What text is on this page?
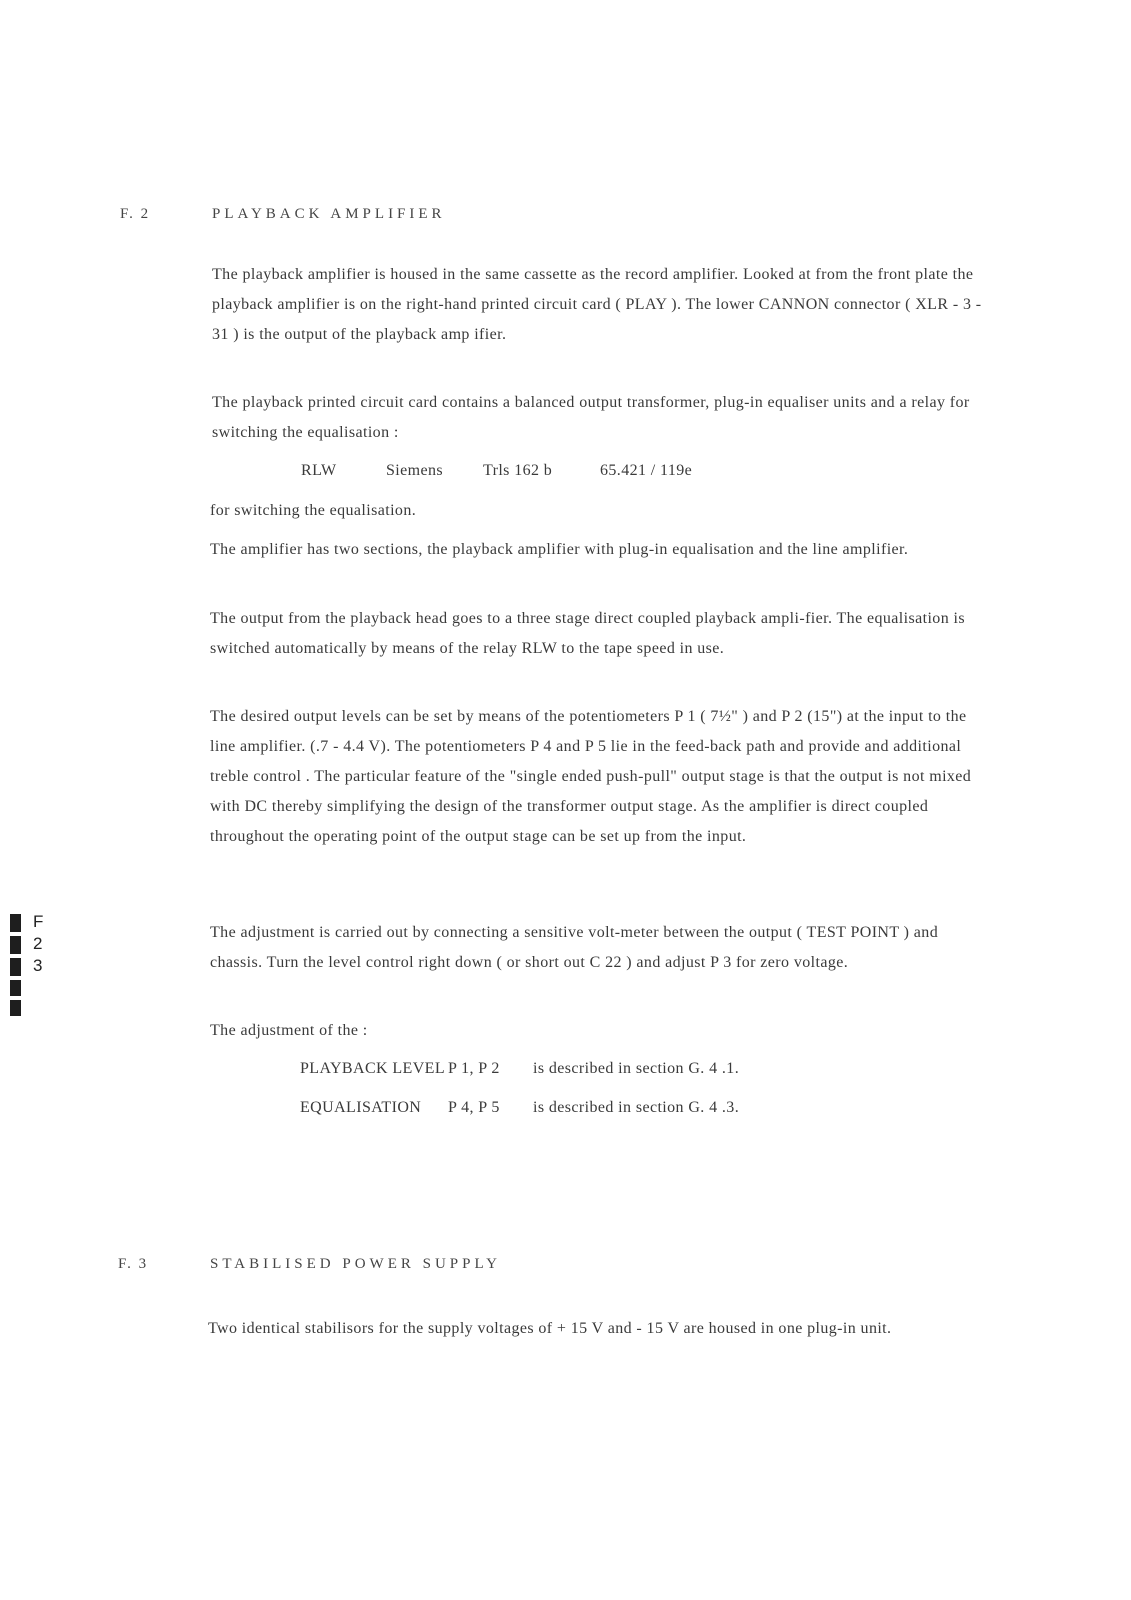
F. 2	PLAYBACK AMPLIFIER

The playback amplifier is housed in the same cassette as the record amplifier. Looked at from the front plate the playback amplifier is on the right-hand printed circuit card ( PLAY ). The lower CANNON connector ( XLR - 3 - 31 ) is the output of the playback amp ifier.

The playback printed circuit card contains a balanced output transformer, plug-in equaliser units and a relay for switching the equalisation :

RLW	Siemens Trls 162 b	65.421 / 119e

for switching the equalisation.

The amplifier has two sections, the playback amplifier with plug-in equalisation and the line amplifier.

The output from the playback head goes to a three stage direct coupled playback ampli-fier. The equalisation is switched automatically by means of the relay RLW to the tape speed in use.

The desired output levels can be set by means of the potentiometers P 1 ( 7½" ) and P 2 (15") at the input to the line amplifier. (.7 - 4.4 V). The potentiometers P 4 and P 5 lie in the feed-back path and provide and additional treble control . The particular feature of the "single ended push-pull" output stage is that the output is not mixed with DC thereby simplifying the design of the transformer output stage. As the amplifier is direct coupled throughout the operating point of the output stage can be set up from the input.

The adjustment is carried out by connecting a sensitive volt-meter between the output ( TEST POINT ) and chassis. Turn the level control right down ( or short out C 22 ) and adjust P 3 for zero voltage.

The adjustment of the :

PLAYBACK LEVEL P 1, P 2 is described in section G. 4 .1.
EQUALISATION P 4, P 5 is described in section G. 4 .3.
F. 3	STABILISED POWER SUPPLY

Two identical stabilisors for the supply voltages of + 15 V and - 15 V are housed in one plug-in unit.

F
2
3
